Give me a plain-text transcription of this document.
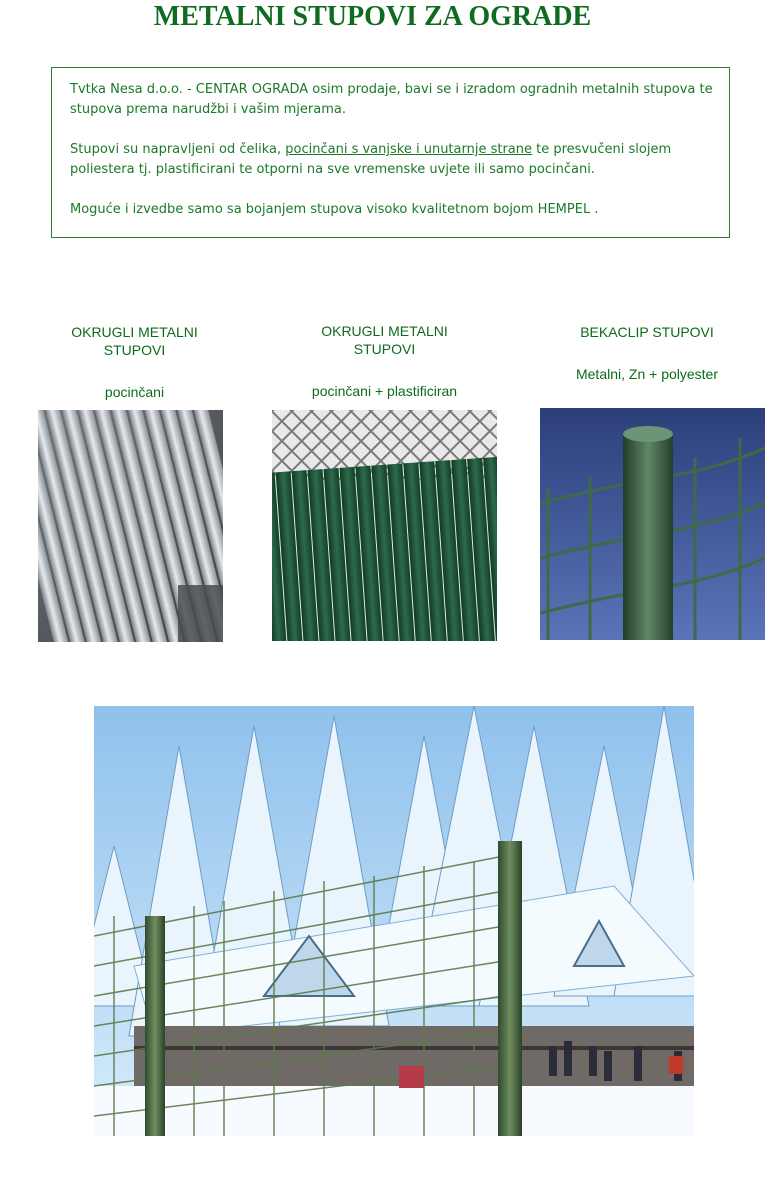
METALNI STUPOVI ZA OGRADE

Tvtka Nesa d.o.o. - CENTAR OGRADA osim prodaje, bavi se i izradom ogradnih metalnih stupova te stupova prema narudžbi i vašim mjerama.

Stupovi su napravljeni od čelika, pocinčani s vanjske i unutarnje strane te presvučeni slojem poliestera tj. plastificirani te otporni na sve vremenske uvjete ili samo pocinčani.

Moguće i izvedbe samo sa bojanjem stupova visoko kvalitetnom bojom HEMPEL .

OKRUGLI METALNI

STUPOVI

pocinčani

OKRUGLI METALNI

STUPOVI

pocinčani + plastificiran

BEKACLIP STUPOVI

Metalni, Zn + polyester
